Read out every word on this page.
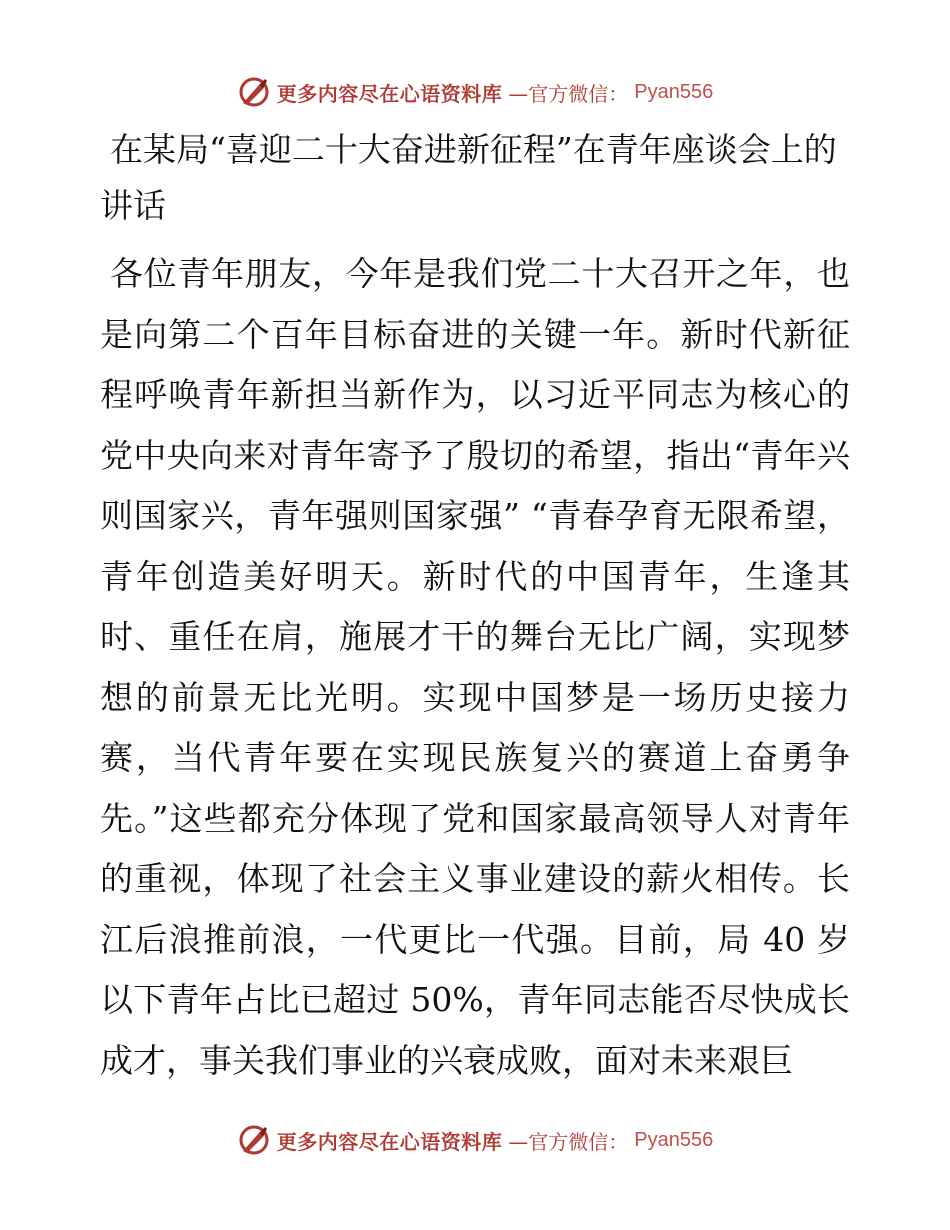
更多内容尽在心语资料库 —官方微信： Pyan556
在某局“喜迎二十大奋进新征程”在青年座谈会上的讲话

各位青年朋友，今年是我们党二十大召开之年，也是向第二个百年目标奋进的关键一年。新时代新征程呼唤青年新担当新作为，以习近平同志为核心的党中央向来对青年寄予了殷切的希望，指出“青年兴则国家兴，青年强则国家强” “青春孕育无限希望，青年创造美好明天。新时代的中国青年，生逢其时、重任在肩，施展才干的舞台无比广阔，实现梦想的前景无比光明。实现中国梦是一场历史接力赛，当代青年要在实现民族复兴的赛道上奋勇争先。”这些都充分体现了党和国家最高领导人对青年的重视，体现了社会主义事业建设的薪火相传。长江后浪推前浪，一代更比一代强。目前，局 40 岁以下青年占比已超过 50%，青年同志能否尽快成长成才，事关我们事业的兴衰成败，面对未来艰巨

更多内容尽在心语资料库 —官方微信： Pyan556
